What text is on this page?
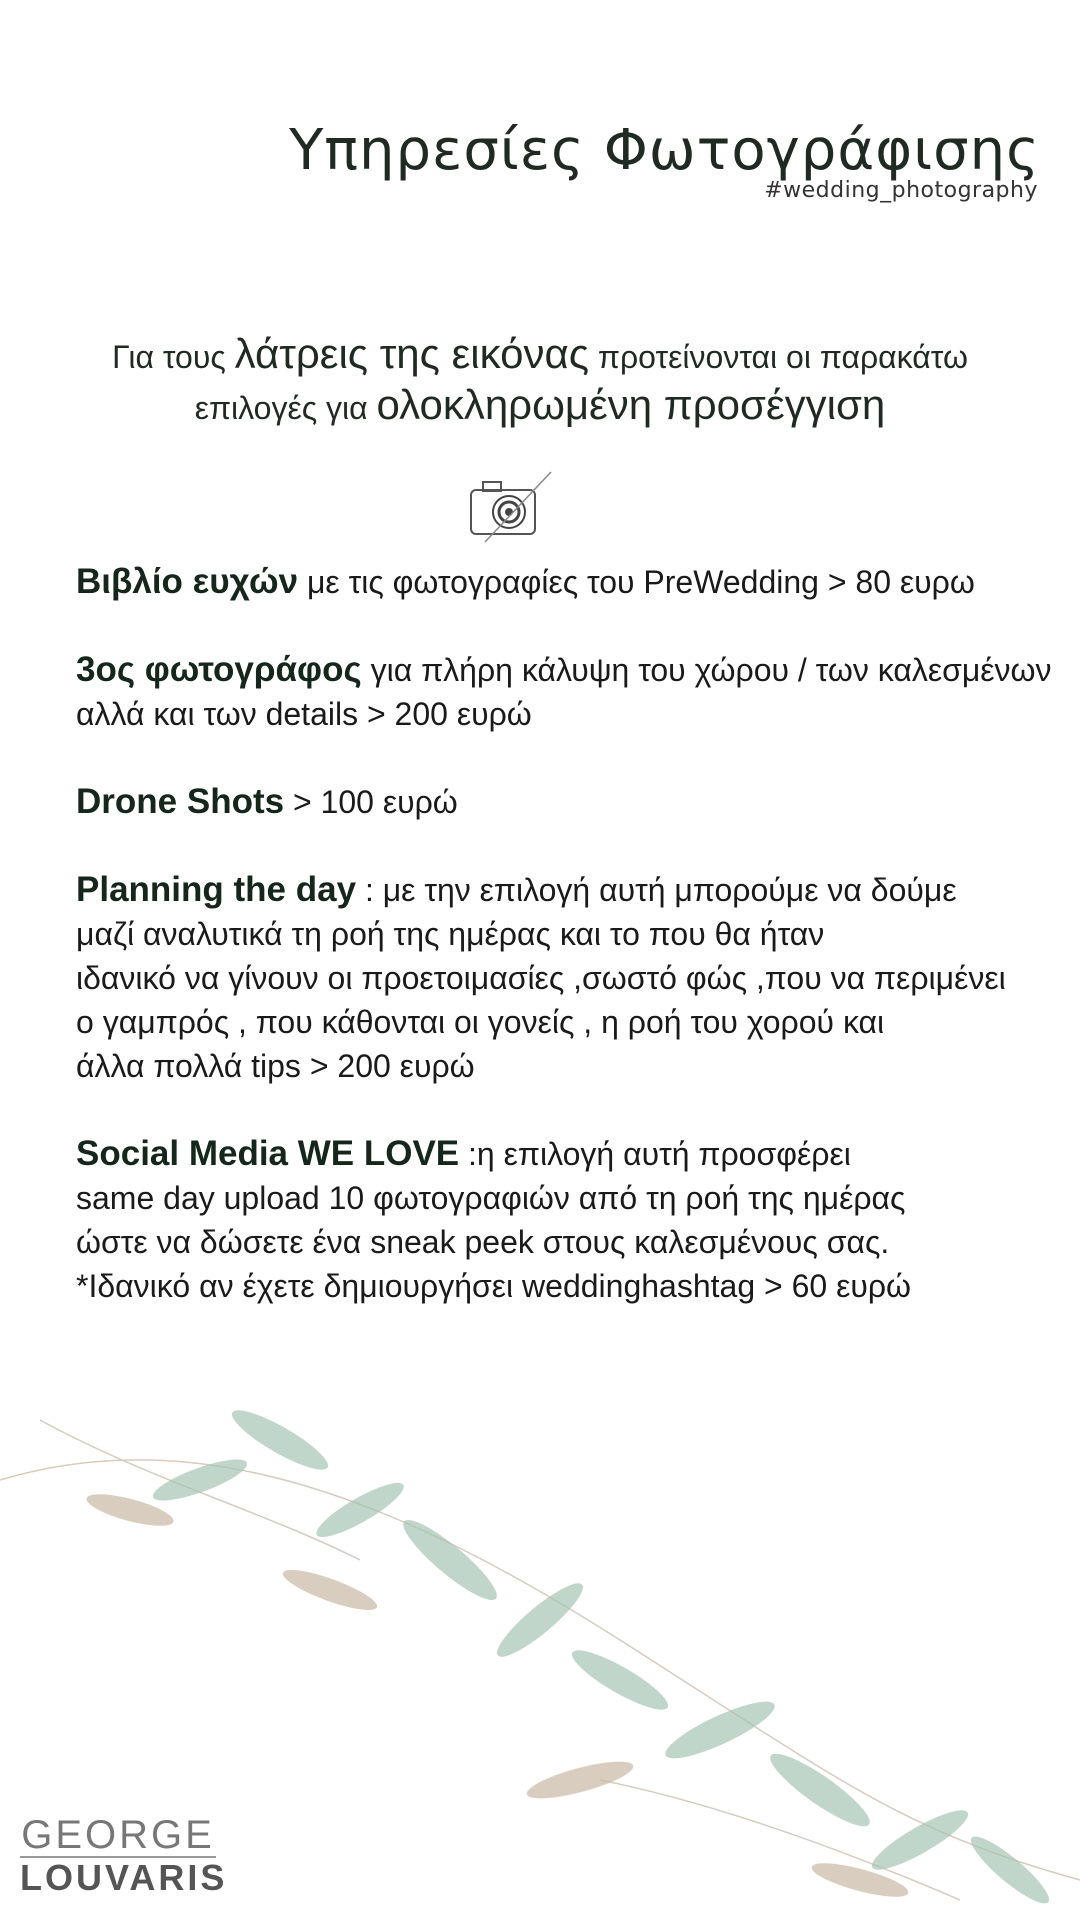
Υπηρεσίες Φωτογράφισης
#wedding_photography
Για τους λάτρεις της εικόνας προτείνονται οι παρακάτω
επιλογές για ολοκληρωμένη προσέγγιση
Βιβλίο ευχών με τις φωτογραφίες του PreWedding > 80 ευρω
3ος φωτογράφος για πλήρη κάλυψη του χώρου / των καλεσμένων
αλλά και των details > 200 ευρώ
Drone Shots > 100 ευρώ
Planning the day : με την επιλογή αυτή μπορούμε να δούμε
μαζί αναλυτικά τη ροή της ημέρας και το που θα ήταν
ιδανικό να γίνουν οι προετοιμασίες ,σωστό φώς ,που να περιμένει
ο γαμπρός , που κάθονται οι γονείς , η ροή του χορού και
άλλα πολλά tips > 200 ευρώ
Social Media WE LOVE :η επιλογή αυτή προσφέρει
same day upload 10 φωτογραφιών από τη ροή της ημέρας
ώστε να δώσετε ένα sneak peek στους καλεσμένους σας.
*Ιδανικό αν έχετε δημιουργήσει weddinghashtag > 60 ευρώ
GEORGE
LOUVARIS
